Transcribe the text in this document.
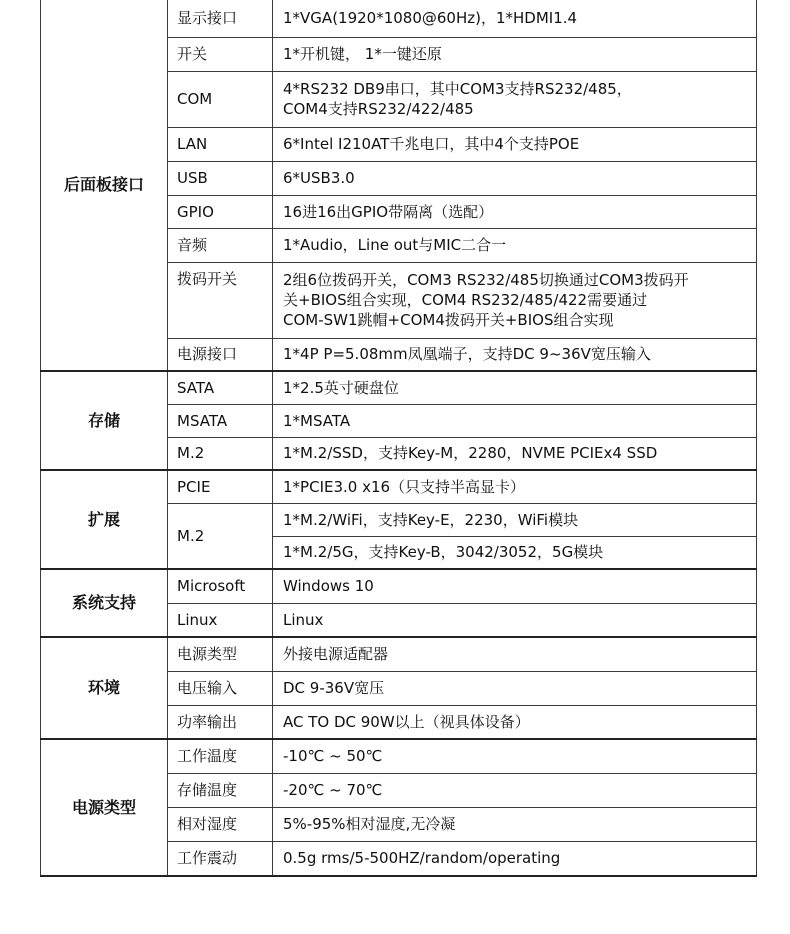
后面板接口	显示接口	1*VGA(1920*1080@60Hz)，1*HDMI1.4
	开关	1*开机键， 1*一键还原
	COM	4*RS232 DB9串口，其中COM3支持RS232/485，
COM4支持RS232/422/485
	LAN	6*Intel I210AT千兆电口，其中4个支持POE
	USB	6*USB3.0
	GPIO	16进16出GPIO带隔离（选配）
	音频	1*Audio，Line out与MIC二合一
	拨码开关	2组6位拨码开关，COM3 RS232/485切换通过COM3拨码开
关+BIOS组合实现，COM4 RS232/485/422需要通过
COM-SW1跳帽+COM4拨码开关+BIOS组合实现
	电源接口	1*4P P=5.08mm凤凰端子，支持DC 9~36V宽压输入
存储	SATA	1*2.5英寸硬盘位
	MSATA	1*MSATA
	M.2	1*M.2/SSD，支持Key-M，2280，NVME PCIEx4 SSD
扩展	PCIE	1*PCIE3.0 x16（只支持半高显卡）
	M.2	1*M.2/WiFi，支持Key-E，2230，WiFi模块
		1*M.2/5G，支持Key-B，3042/3052，5G模块
系统支持	Microsoft	Windows 10
	Linux	Linux
环境	电源类型	外接电源适配器
	电压输入	DC 9-36V宽压
	功率输出	AC TO DC 90W以上（视具体设备）
电源类型	工作温度	-10℃ ~ 50℃
	存储温度	-20℃ ~ 70℃
	相对湿度	5%-95%相对湿度,无冷凝
	工作震动	0.5g rms/5-500HZ/random/operating
